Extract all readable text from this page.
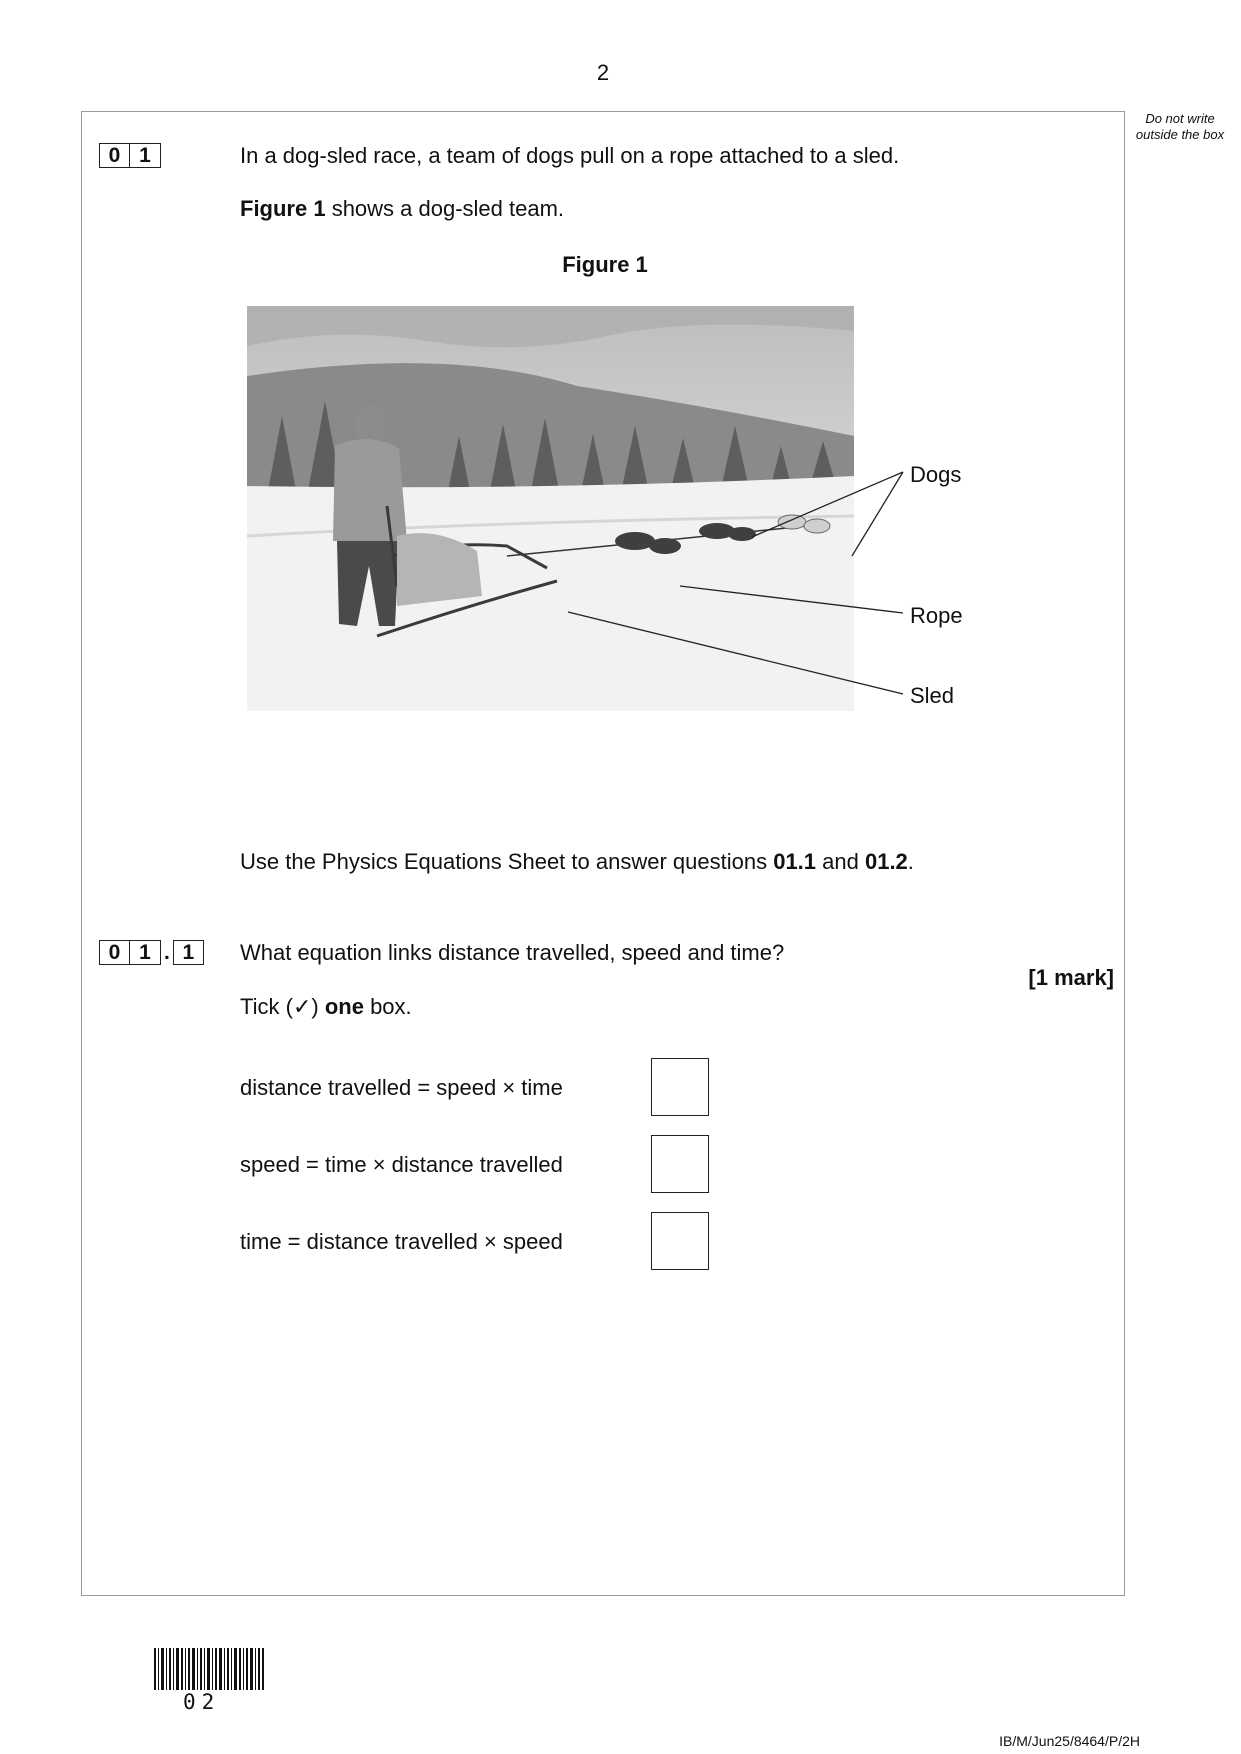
2
Do not write outside the box
0 1	In a dog-sled race, a team of dogs pull on a rope attached to a sled.
Figure 1 shows a dog-sled team.
Figure 1
Dogs
Rope
Sled
Use the Physics Equations Sheet to answer questions 01.1 and 01.2.
0 1 . 1	What equation links distance travelled, speed and time?
[1 mark]
Tick (✓) one box.
distance travelled = speed × time
speed = time × distance travelled
time = distance travelled × speed
02
IB/M/Jun25/8464/P/2H
